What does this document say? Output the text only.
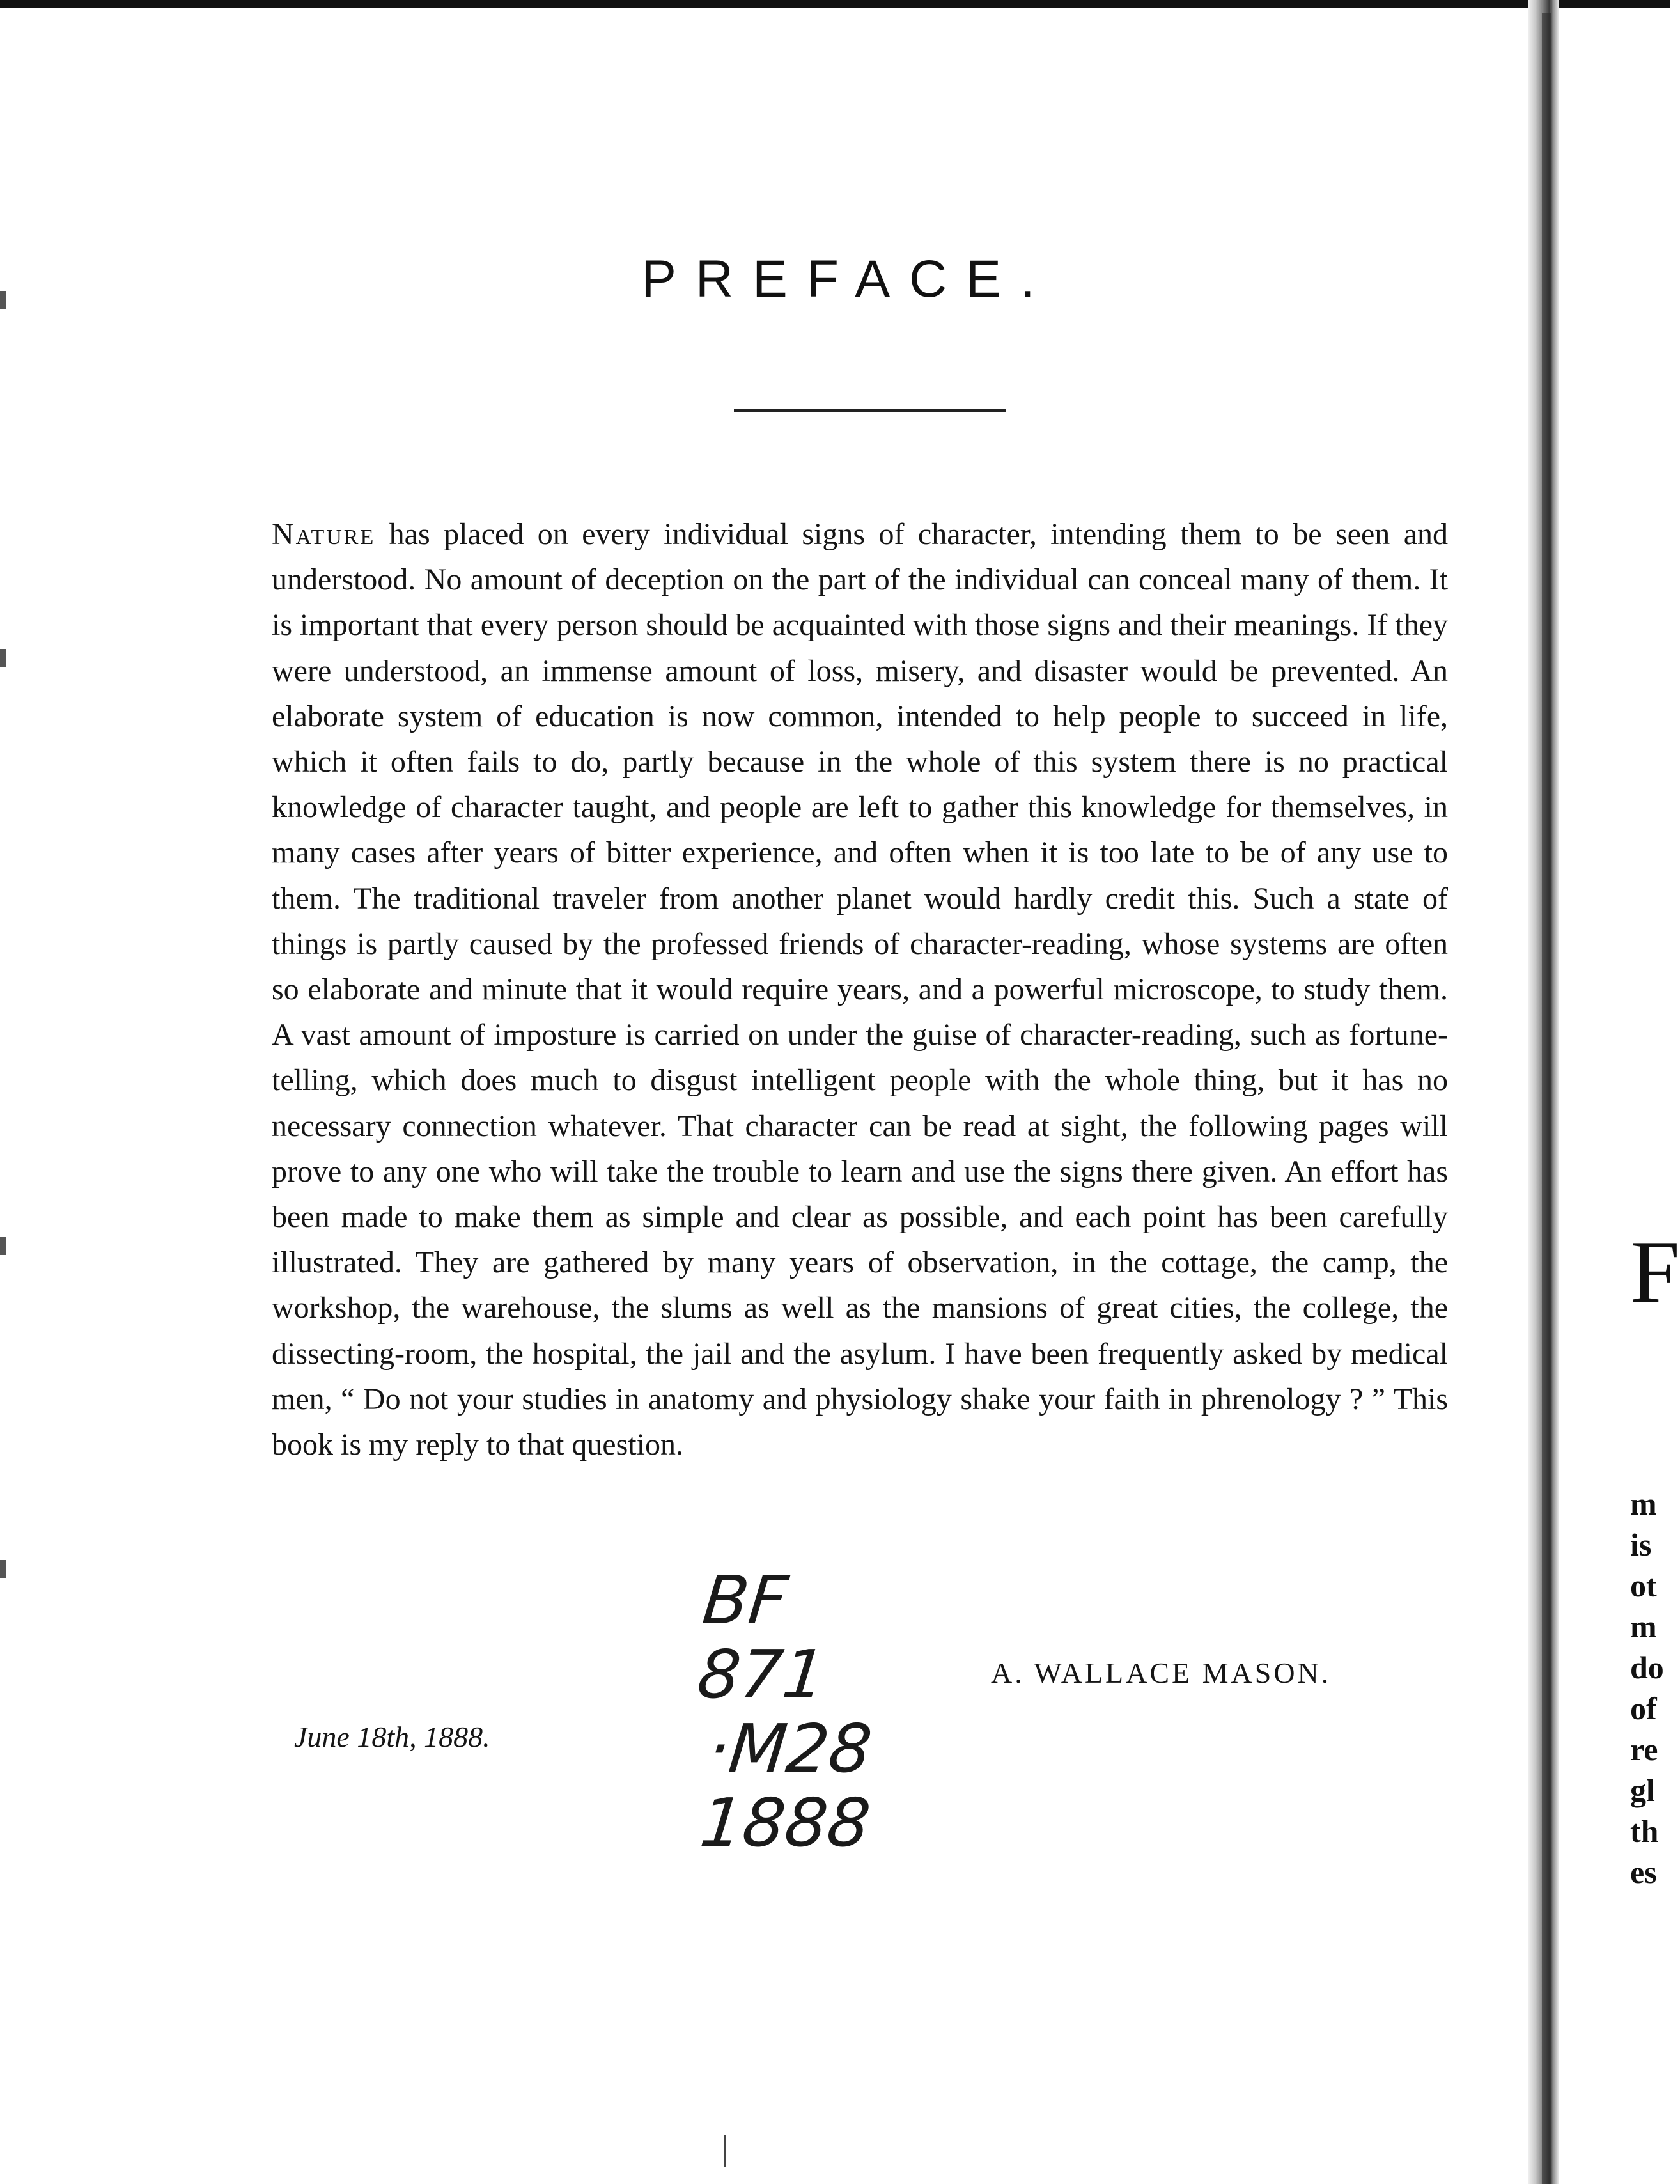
PREFACE.

Nature has placed on every individual signs of character, intending them to be seen and understood. No amount of deception on the part of the individual can conceal many of them. It is important that every person should be acquainted with those signs and their meanings. If they were understood, an immense amount of loss, misery, and disaster would be prevented. An elaborate system of education is now common, intended to help people to succeed in life, which it often fails to do, partly because in the whole of this system there is no practical knowledge of character taught, and people are left to gather this knowledge for themselves, in many cases after years of bitter experience, and often when it is too late to be of any use to them. The traditional traveler from another planet would hardly credit this. Such a state of things is partly caused by the professed friends of character-reading, whose systems are often so elaborate and minute that it would require years, and a powerful microscope, to study them. A vast amount of imposture is carried on under the guise of character-reading, such as fortune-telling, which does much to disgust intelligent people with the whole thing, but it has no necessary connection whatever. That character can be read at sight, the following pages will prove to any one who will take the trouble to learn and use the signs there given. An effort has been made to make them as simple and clear as possible, and each point has been carefully illustrated. They are gathered by many years of observation, in the cottage, the camp, the workshop, the warehouse, the slums as well as the mansions of great cities, the college, the dissecting-room, the hospital, the jail and the asylum. I have been frequently asked by medical men, “ Do not your studies in anatomy and physiology shake your faith in phrenology ? ” This book is my reply to that question.

A. WALLACE MASON.
June 18th, 1888.
BF
871
·M28
1888
F
m
is
ot
m
do
of
re
gl
th
es
